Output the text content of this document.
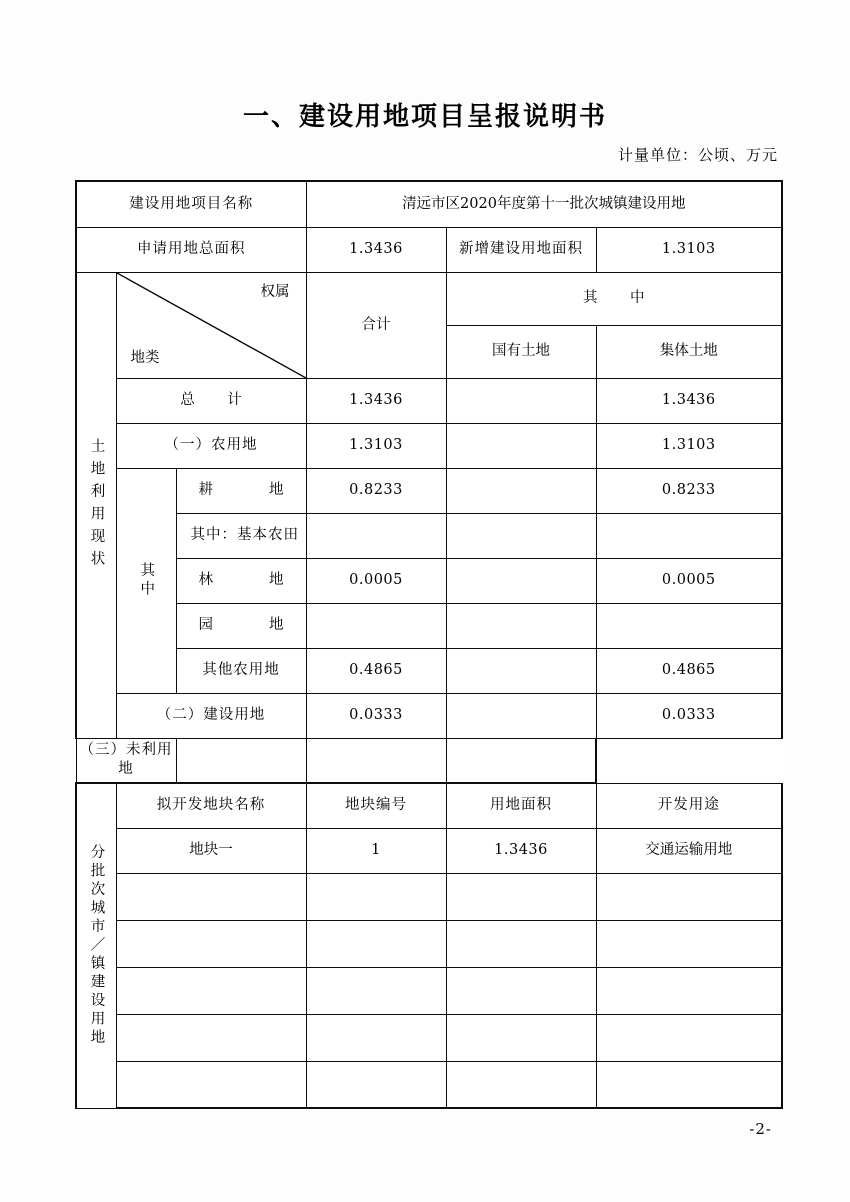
一、建设用地项目呈报说明书
计量单位：公顷、万元
建设用地项目名称			清远市区2020年度第十一批次城镇建设用地		
申请用地总面积			1.3436	新增建设用地面积	1.3103

土地利用现状	权属
地类		合计	其　中	
				国有土地	集体土地
	总　计		1.3436		1.3436
	（一）农用地		1.3103		1.3103

	其中	耕　　地	0.8233		0.8233
		其中：基本农田			
		林　　地	0.0005		0.0005
		园　　地			
		其他农用地	0.4865		0.4865
	（二）建设用地		0.0333		0.0333
（三）未利用地					

分批次城市／镇建设用地	拟开发地块名称		地块编号	用地面积	开发用途
	地块一		1	1.3436	交通运输用地

-2-
